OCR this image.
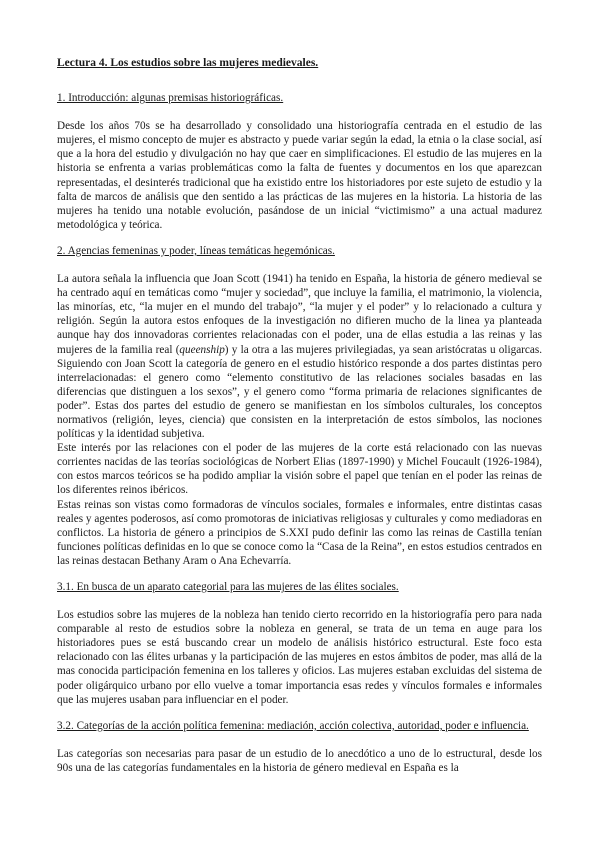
Lectura 4. Los estudios sobre las mujeres medievales.

1. Introducción: algunas premisas historiográficas.

Desde los años 70s se ha desarrollado y consolidado una historiografía centrada en el estudio de las mujeres, el mismo concepto de mujer es abstracto y puede variar según la edad, la etnia o la clase social, así que a la hora del estudio y divulgación no hay que caer en simplificaciones. El estudio de las mujeres en la historia se enfrenta a varias problemáticas como la falta de fuentes y documentos en los que aparezcan representadas, el desinterés tradicional que ha existido entre los historiadores por este sujeto de estudio y la falta de marcos de análisis que den sentido a las prácticas de las mujeres en la historia. La historia de las mujeres ha tenido una notable evolución, pasándose de un inicial “victimismo” a una actual madurez metodológica y teórica.

2. Agencias femeninas y poder, líneas temáticas hegemónicas.

La autora señala la influencia que Joan Scott (1941) ha tenido en España, la historia de género medieval se ha centrado aquí en temáticas como “mujer y sociedad”, que incluye la familia, el matrimonio, la violencia, las minorías, etc, “la mujer en el mundo del trabajo”, “la mujer y el poder” y lo relacionado a cultura y religión. Según la autora estos enfoques de la investigación no difieren mucho de la linea ya planteada aunque hay dos innovadoras corrientes relacionadas con el poder, una de ellas estudia a las reinas y las mujeres de la familia real (queenship) y la otra a las mujeres privilegiadas, ya sean aristócratas u oligarcas. Siguiendo con Joan Scott la categoría de genero en el estudio histórico responde a dos partes distintas pero interrelacionadas: el genero como “elemento constitutivo de las relaciones sociales basadas en las diferencias que distinguen a los sexos”, y el genero como “forma primaria de relaciones significantes de poder”. Estas dos partes del estudio de genero se manifiestan en los símbolos culturales, los conceptos normativos (religión, leyes, ciencia) que consisten en la interpretación de estos símbolos, las nociones políticas y la identidad subjetiva.

Este interés por las relaciones con el poder de las mujeres de la corte está relacionado con las nuevas corrientes nacidas de las teorías sociológicas de Norbert Elias (1897-1990) y Michel Foucault (1926-1984), con estos marcos teóricos se ha podido ampliar la visión sobre el papel que tenían en el poder las reinas de los diferentes reinos ibéricos.

Estas reinas son vistas como formadoras de vínculos sociales, formales e informales, entre distintas casas reales y agentes poderosos, así como promotoras de iniciativas religiosas y culturales y como mediadoras en conflictos. La historia de género a principios de S.XXI pudo definir las como las reinas de Castilla tenían funciones políticas definidas en lo que se conoce como la “Casa de la Reina”, en estos estudios centrados en las reinas destacan Bethany Aram o Ana Echevarría.

3.1. En busca de un aparato categorial para las mujeres de las élites sociales.

Los estudios sobre las mujeres de la nobleza han tenido cierto recorrido en la historiografía pero para nada comparable al resto de estudios sobre la nobleza en general, se trata de un tema en auge para los historiadores pues se está buscando crear un modelo de análisis histórico estructural. Este foco esta relacionado con las élites urbanas y la participación de las mujeres en estos ámbitos de poder, mas allá de la mas conocida participación femenina en los talleres y oficios. Las mujeres estaban excluidas del sistema de poder oligárquico urbano por ello vuelve a tomar importancia esas redes y vínculos formales e informales que las mujeres usaban para influenciar en el poder.

3.2. Categorías de la acción política femenina: mediación, acción colectiva, autoridad, poder e influencia.

Las categorías son necesarias para pasar de un estudio de lo anecdótico a uno de lo estructural, desde los 90s una de las categorías fundamentales en la historia de género medieval en España es la
